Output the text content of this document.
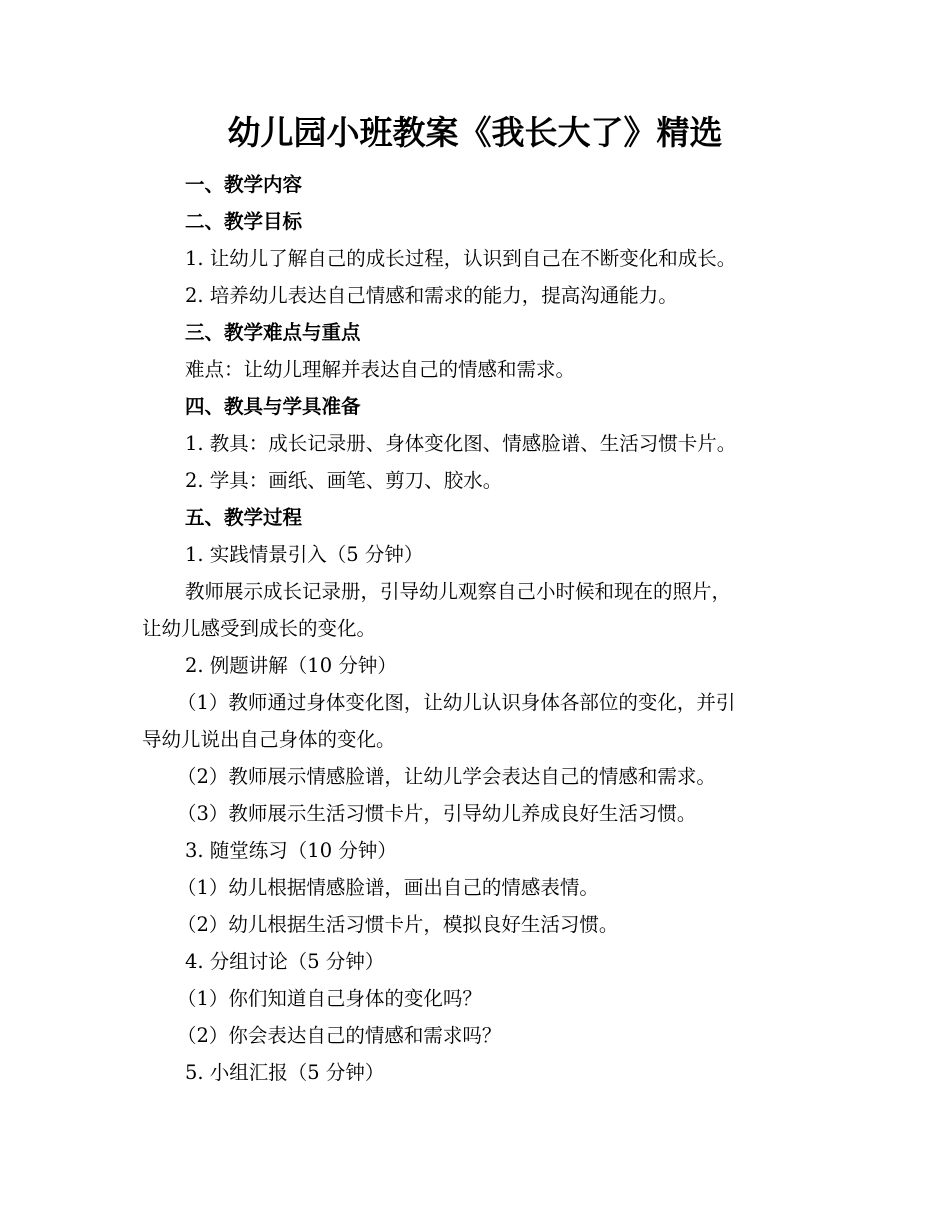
幼儿园小班教案《我长大了》精选
一、教学内容
二、教学目标
1. 让幼儿了解自己的成长过程，认识到自己在不断变化和成长。
2. 培养幼儿表达自己情感和需求的能力，提高沟通能力。
三、教学难点与重点
难点：让幼儿理解并表达自己的情感和需求。
四、教具与学具准备
1. 教具：成长记录册、身体变化图、情感脸谱、生活习惯卡片。
2. 学具：画纸、画笔、剪刀、胶水。
五、教学过程
1. 实践情景引入（5 分钟）
教师展示成长记录册，引导幼儿观察自己小时候和现在的照片，
让幼儿感受到成长的变化。
2. 例题讲解（10 分钟）
（1）教师通过身体变化图，让幼儿认识身体各部位的变化，并引
导幼儿说出自己身体的变化。
（2）教师展示情感脸谱，让幼儿学会表达自己的情感和需求。
（3）教师展示生活习惯卡片，引导幼儿养成良好生活习惯。
3. 随堂练习（10 分钟）
（1）幼儿根据情感脸谱，画出自己的情感表情。
（2）幼儿根据生活习惯卡片，模拟良好生活习惯。
4. 分组讨论（5 分钟）
（1）你们知道自己身体的变化吗？
（2）你会表达自己的情感和需求吗？
5. 小组汇报（5 分钟）
